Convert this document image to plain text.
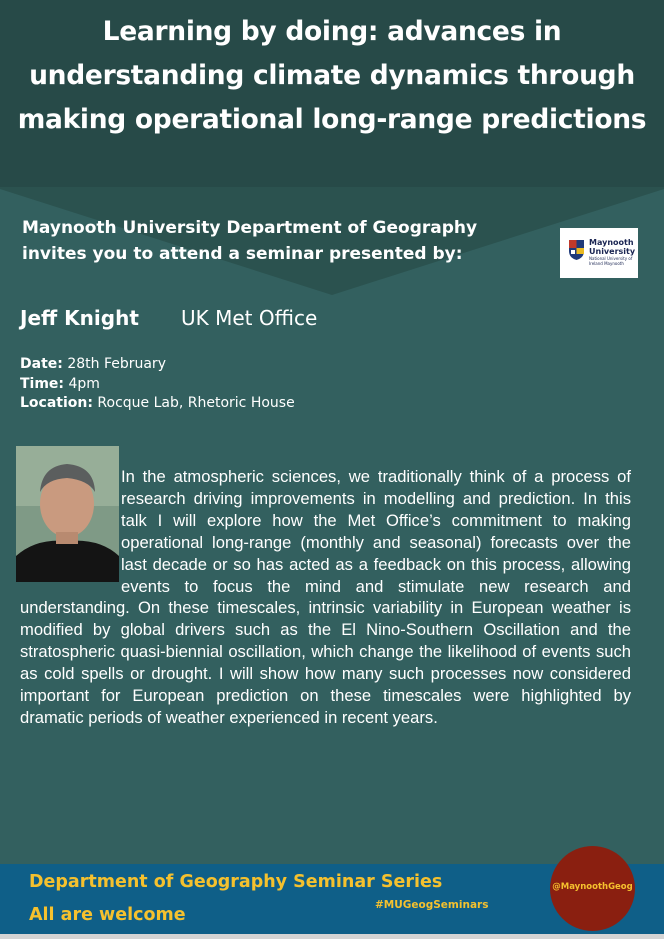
Learning by doing: advances in understanding climate dynamics through making operational long-range predictions
Maynooth University Department of Geography invites you to attend a seminar presented by:
Maynooth University
National University of Ireland Maynooth
Jeff Knight UK Met Office
Date: 28th February
Time: 4pm
Location: Rocque Lab, Rhetoric House

In the atmospheric sciences, we traditionally think of a process of research driving improvements in modelling and prediction. In this talk I will explore how the Met Office’s commitment to making operational long-range (monthly and seasonal) forecasts over the last decade or so has acted as a feedback on this process, allowing events to focus the mind and stimulate new research and understanding. On these timescales, intrinsic variability in European weather is modified by global drivers such as the El Nino-Southern Oscillation and the stratospheric quasi-biennial oscillation, which change the likelihood of events such as cold spells or drought. I will show how many such processes now considered important for European prediction on these timescales were highlighted by dramatic periods of weather experienced in recent years.

Department of Geography Seminar Series
All are welcome	#MUGeogSeminars
@MaynoothGeog
